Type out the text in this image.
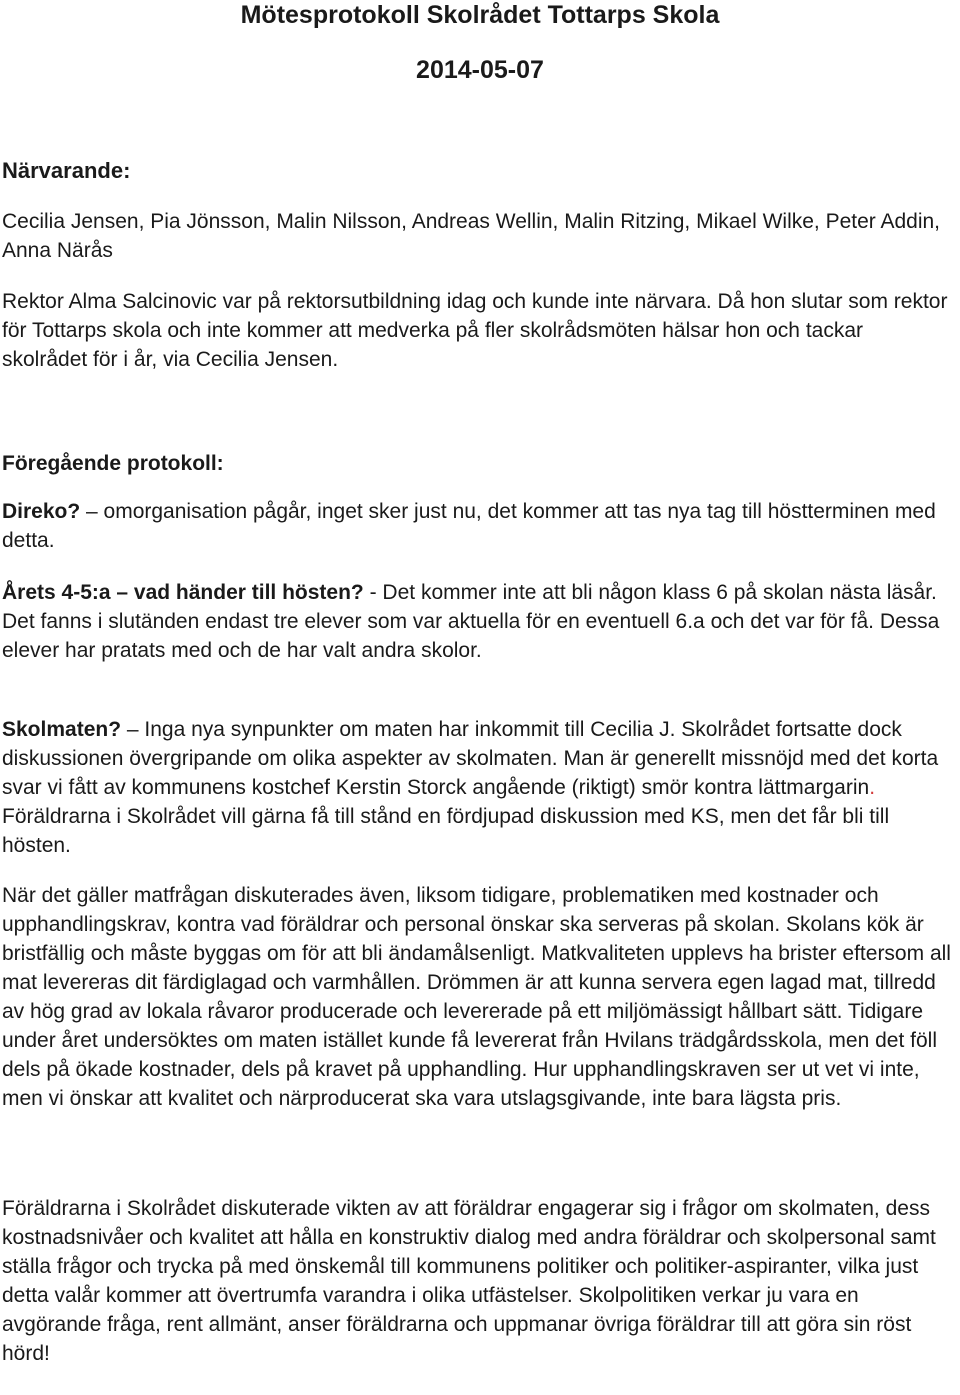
Mötesprotokoll Skolrådet Tottarps Skola
2014-05-07

Närvarande:

Cecilia Jensen, Pia Jönsson, Malin Nilsson, Andreas Wellin, Malin Ritzing, Mikael Wilke, Peter Addin, Anna Närås

Rektor Alma Salcinovic var på rektorsutbildning idag och kunde inte närvara. Då hon slutar som rektor för Tottarps skola och inte kommer att medverka på fler skolrådsmöten hälsar hon och tackar skolrådet för i år, via Cecilia Jensen.

Föregående protokoll:

Direko? – omorganisation pågår, inget sker just nu, det kommer att tas nya tag till höstterminen med detta.

Årets 4-5:a – vad händer till hösten? - Det kommer inte att bli någon klass 6 på skolan nästa läsår. Det fanns i slutänden endast tre elever som var aktuella för en eventuell 6.a och det var för få. Dessa elever har pratats med och de har valt andra skolor.

Skolmaten? – Inga nya synpunkter om maten har inkommit till Cecilia J. Skolrådet fortsatte dock diskussionen övergripande om olika aspekter av skolmaten. Man är generellt missnöjd med det korta svar vi fått av kommunens kostchef Kerstin Storck angående (riktigt) smör kontra lättmargarin. Föräldrarna i Skolrådet vill gärna få till stånd en fördjupad diskussion med KS, men det får bli till hösten.

När det gäller matfrågan diskuterades även, liksom tidigare, problematiken med kostnader och upphandlingskrav, kontra vad föräldrar och personal önskar ska serveras på skolan. Skolans kök är bristfällig och måste byggas om för att bli ändamålsenligt. Matkvaliteten upplevs ha brister eftersom all mat levereras dit färdiglagad och varmhållen. Drömmen är att kunna servera egen lagad mat, tillredd av hög grad av lokala råvaror producerade och levererade på ett miljömässigt hållbart sätt. Tidigare under året undersöktes om maten istället kunde få levererat från Hvilans trädgårdsskola, men det föll dels på ökade kostnader, dels på kravet på upphandling. Hur upphandlingskraven ser ut vet vi inte, men vi önskar att kvalitet och närproducerat ska vara utslagsgivande, inte bara lägsta pris.

Föräldrarna i Skolrådet diskuterade vikten av att föräldrar engagerar sig i frågor om skolmaten, dess kostnadsnivåer och kvalitet att hålla en konstruktiv dialog med andra föräldrar och skolpersonal samt ställa frågor och trycka på med önskemål till kommunens politiker och politiker-aspiranter, vilka just detta valår kommer att övertrumfa varandra i olika utfästelser. Skolpolitiken verkar ju vara en avgörande fråga, rent allmänt, anser föräldrarna och uppmanar övriga föräldrar till att göra sin röst hörd!
